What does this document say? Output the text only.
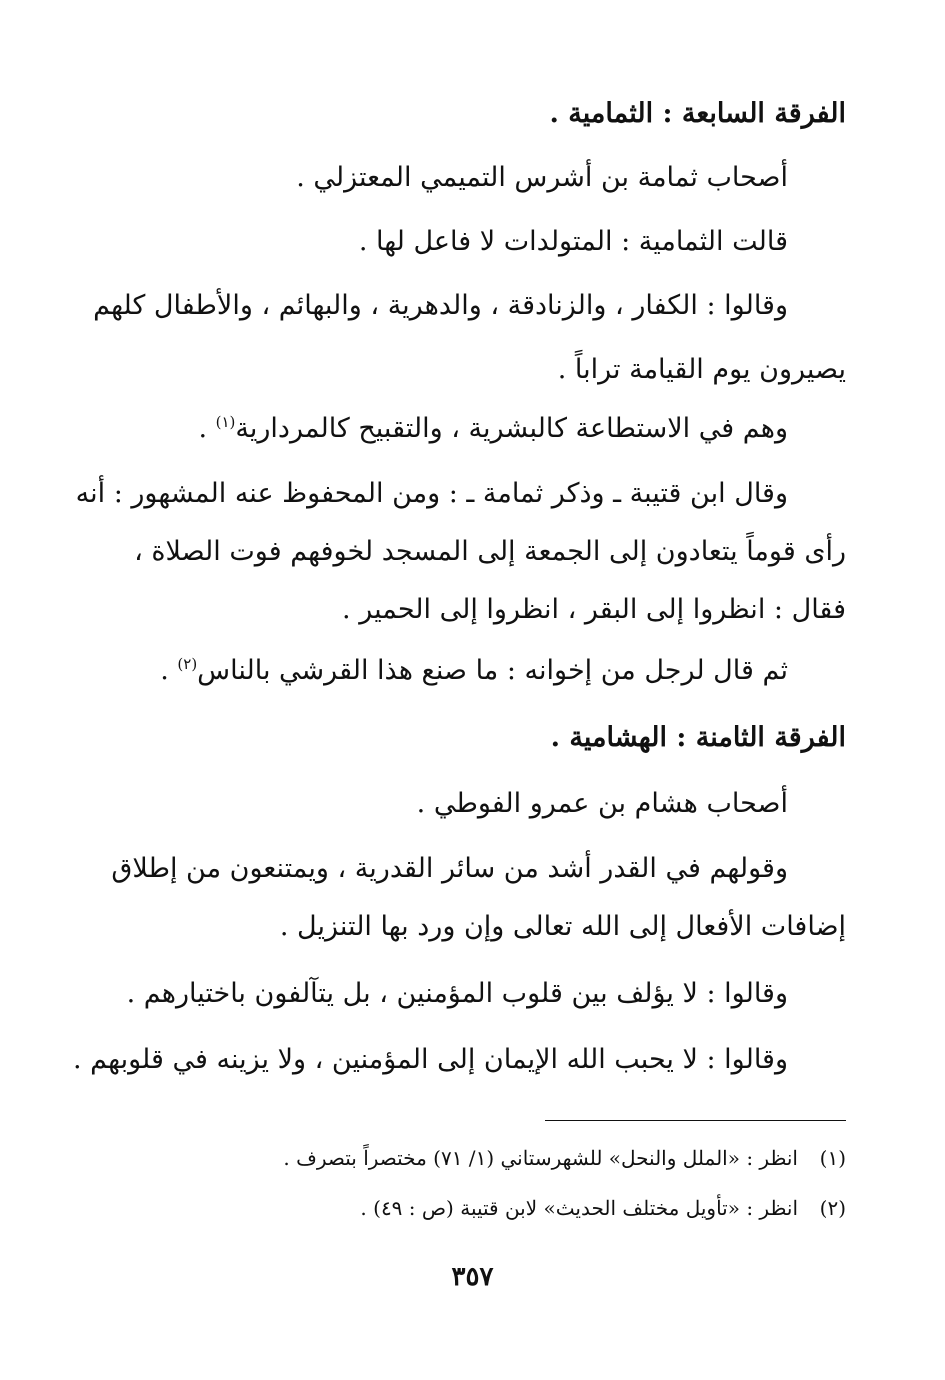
الفرقة السابعة : الثمامية .
أصحاب ثمامة بن أشرس التميمي المعتزلي .
قالت الثمامية : المتولدات لا فاعل لها .
وقالوا : الكفار ، والزنادقة ، والدهرية ، والبهائم ، والأطفال كلهم
يصيرون يوم القيامة تراباً .
وهم في الاستطاعة كالبشرية ، والتقبيح كالمردارية$^{(١)}$ .
وقال ابن قتيبة ـ وذكر ثمامة ـ : ومن المحفوظ عنه المشهور : أنه
رأى قوماً يتعادون إلى الجمعة إلى المسجد لخوفهم فوت الصلاة ،
فقال : انظروا إلى البقر ، انظروا إلى الحمير .
ثم قال لرجل من إخوانه : ما صنع هذا القرشي بالناس$^{(٢)}$ .
الفرقة الثامنة : الهشامية .
أصحاب هشام بن عمرو الفوطي .
وقولهم في القدر أشد من سائر القدرية ، ويمتنعون من إطلاق
إضافات الأفعال إلى الله تعالى وإن ورد بها التنزيل .
وقالوا : لا يؤلف بين قلوب المؤمنين ، بل يتآلفون باختيارهم .
وقالوا : لا يحبب الله الإيمان إلى المؤمنين ، ولا يزينه في قلوبهم .
(١)انظر : «الملل والنحل» للشهرستاني (١/ ٧١) مختصراً بتصرف .
(٢)انظر : «تأويل مختلف الحديث» لابن قتيبة (ص : ٤٩) .
٣٥٧
